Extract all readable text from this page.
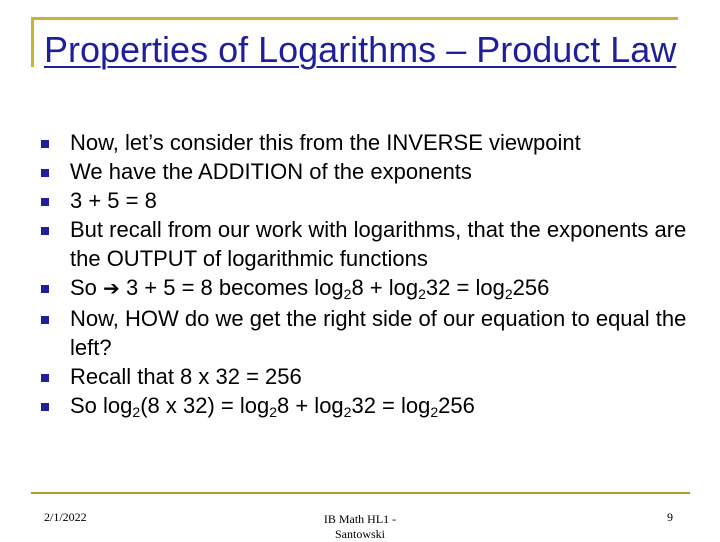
Properties of Logarithms – Product Law
Now, let’s consider this from the INVERSE viewpoint
We have the ADDITION of the exponents
3 + 5 = 8
But recall from our work with logarithms, that the exponents are the OUTPUT of logarithmic functions
So ➔ 3 + 5 = 8 becomes $\log_28 + \log_232 = \log_2256$
Now, HOW do we get the right side of our equation to equal the left?
Recall that 8 x 32 = 256
So $\log_2(8$ x $32) = \log_28 + \log_232 = \log_2256$
2/1/2022	IB Math HL1 - Santowski
9
